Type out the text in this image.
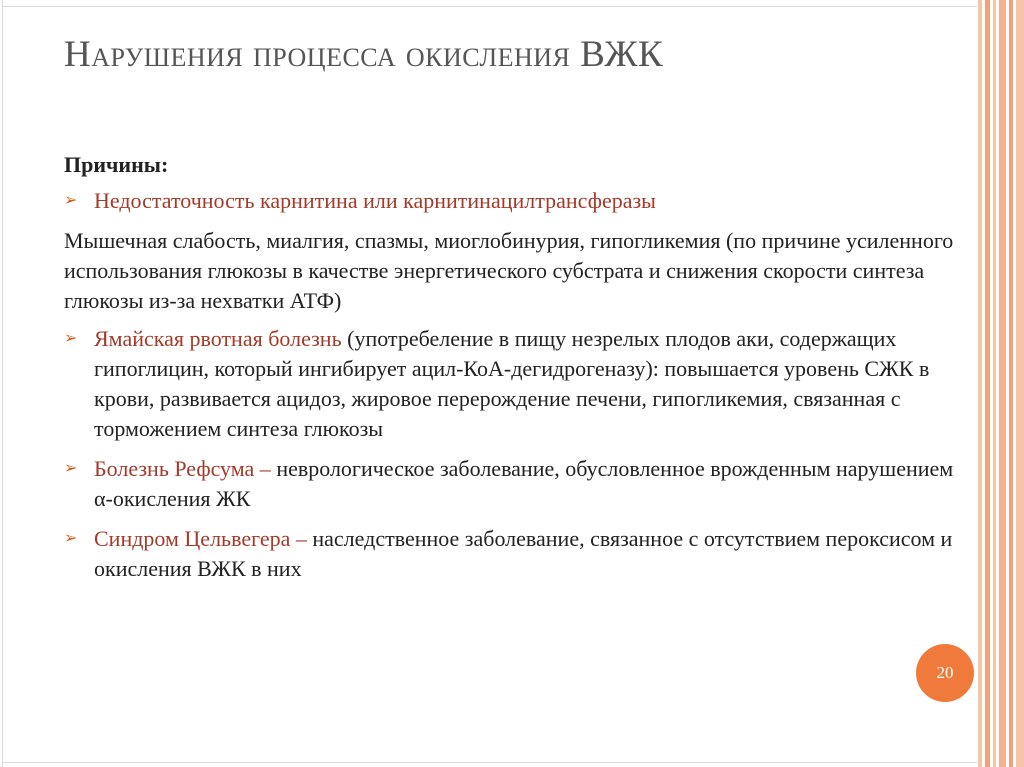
Нарушения процесса окисления ВЖК
Причины:
➢ Недостаточность карнитина или карнитинацилтрансферазы
Мышечная слабость, миалгия, спазмы, миоглобинурия, гипогликемия (по причине усиленного использования глюкозы в качестве энергетического субстрата и снижения скорости синтеза глюкозы из-за нехватки АТФ)
➢ Ямайская рвотная болезнь (употребеление в пищу незрелых плодов аки, содержащих гипоглицин, который ингибирует ацил-КоА-дегидрогеназу): повышается уровень СЖК в крови, развивается ацидоз, жировое перерождение печени, гипогликемия, связанная с торможением синтеза глюкозы
➢ Болезнь Рефсума – неврологическое заболевание, обусловленное врожденным нарушением α-окисления ЖК
➢ Синдром Цельвегера – наследственное заболевание, связанное с отсутствием пероксисом и окисления ВЖК в них
20
